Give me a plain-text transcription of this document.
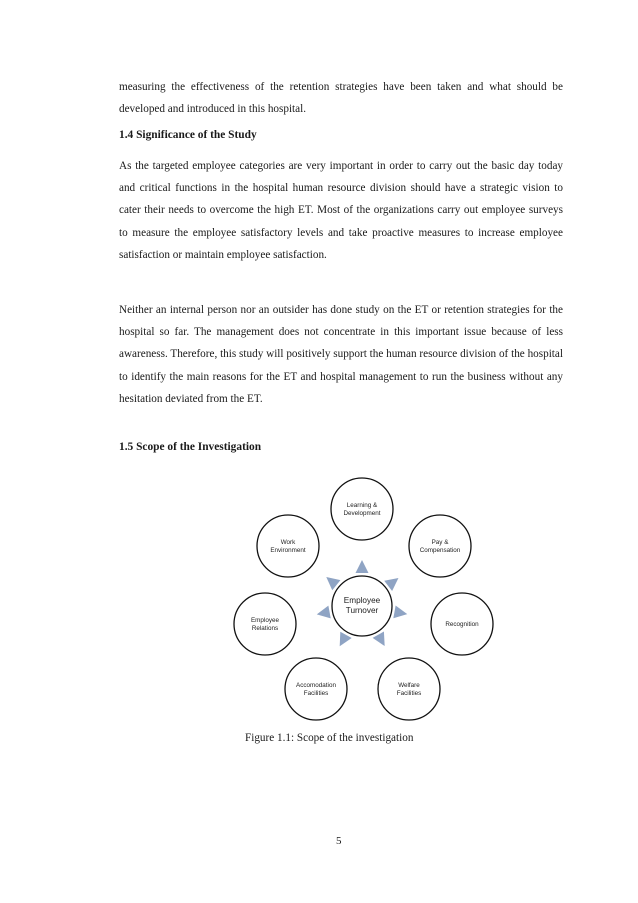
measuring the effectiveness of the retention strategies have been taken and what should be developed and introduced in this hospital.

1.4 Significance of the Study

As the targeted employee categories are very important in order to carry out the basic day today and critical functions in the hospital human resource division should have a strategic vision to cater their needs to overcome the high ET. Most of the organizations carry out employee surveys to measure the employee satisfactory levels and take proactive measures to increase employee satisfaction or maintain employee satisfaction.

Neither an internal person nor an outsider has done study on the ET or retention strategies for the hospital so far. The management does not concentrate in this important issue because of less awareness. Therefore, this study will positively support the human resource division of the hospital to identify the main reasons for the ET and hospital management to run the business without any hesitation deviated from the ET.

1.5 Scope of the Investigation
Learning & Development
Pay & Compensation
Recognition
Welfare Facilities
Accomodation Facilities
Employee Relations
Work Environment
Employee Turnover

Figure 1.1: Scope of the investigation

5
